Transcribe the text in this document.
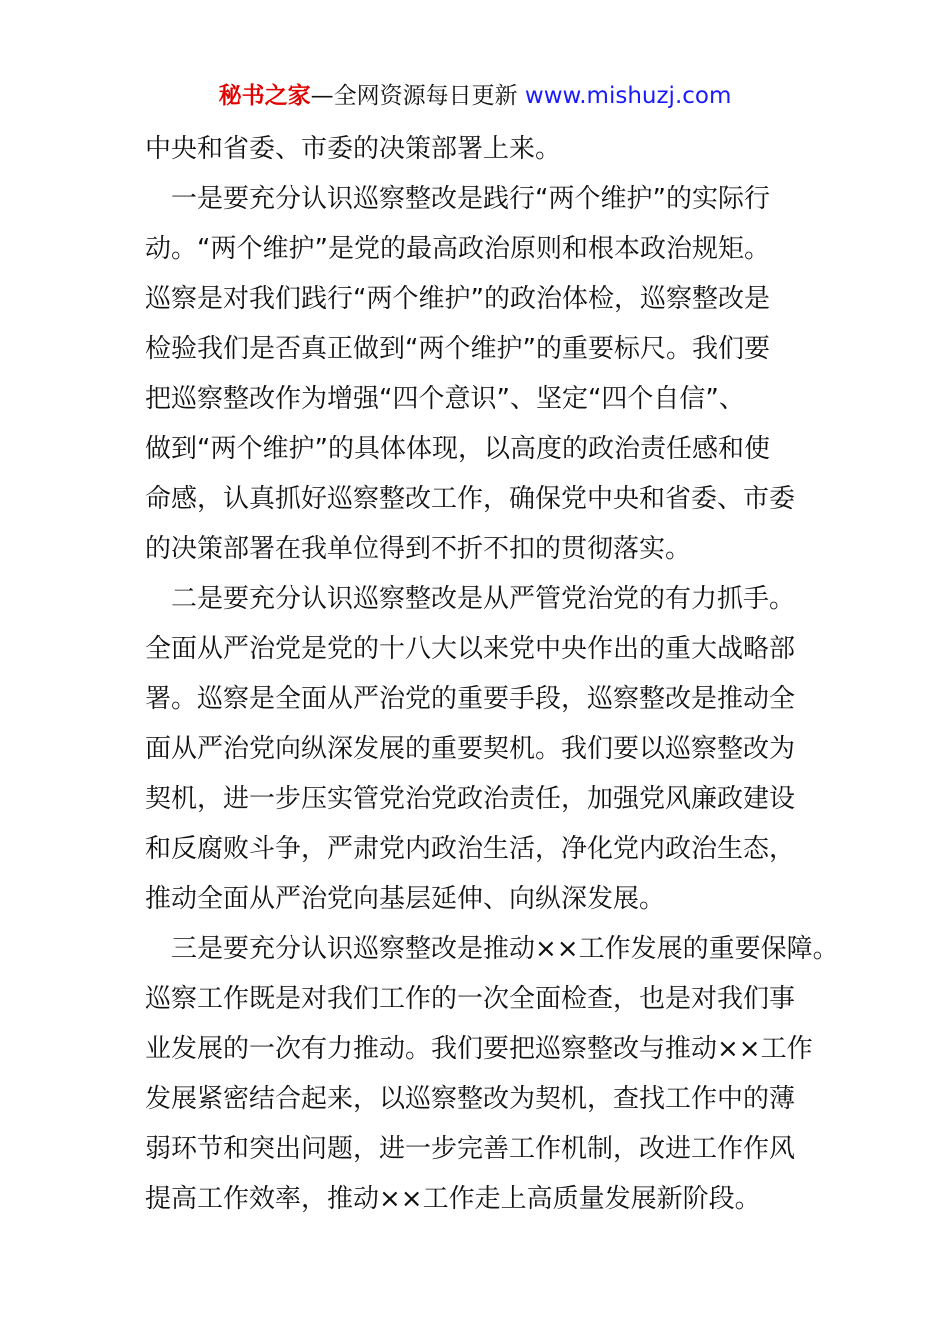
秘书之家—全网资源每日更新 www.mishuzj.com
中央和省委、市委的决策部署上来。
　一是要充分认识巡察整改是践行“两个维护”的实际行
动。“两个维护”是党的最高政治原则和根本政治规矩。
巡察是对我们践行“两个维护”的政治体检，巡察整改是
检验我们是否真正做到“两个维护”的重要标尺。我们要
把巡察整改作为增强“四个意识”、坚定“四个自信”、
做到“两个维护”的具体体现，以高度的政治责任感和使
命感，认真抓好巡察整改工作，确保党中央和省委、市委
的决策部署在我单位得到不折不扣的贯彻落实。
　二是要充分认识巡察整改是从严管党治党的有力抓手。
全面从严治党是党的十八大以来党中央作出的重大战略部
署。巡察是全面从严治党的重要手段，巡察整改是推动全
面从严治党向纵深发展的重要契机。我们要以巡察整改为
契机，进一步压实管党治党政治责任，加强党风廉政建设
和反腐败斗争，严肃党内政治生活，净化党内政治生态，
推动全面从严治党向基层延伸、向纵深发展。
　三是要充分认识巡察整改是推动××工作发展的重要保障。
巡察工作既是对我们工作的一次全面检查，也是对我们事
业发展的一次有力推动。我们要把巡察整改与推动××工作
发展紧密结合起来，以巡察整改为契机，查找工作中的薄
弱环节和突出问题，进一步完善工作机制，改进工作作风
提高工作效率，推动××工作走上高质量发展新阶段。
